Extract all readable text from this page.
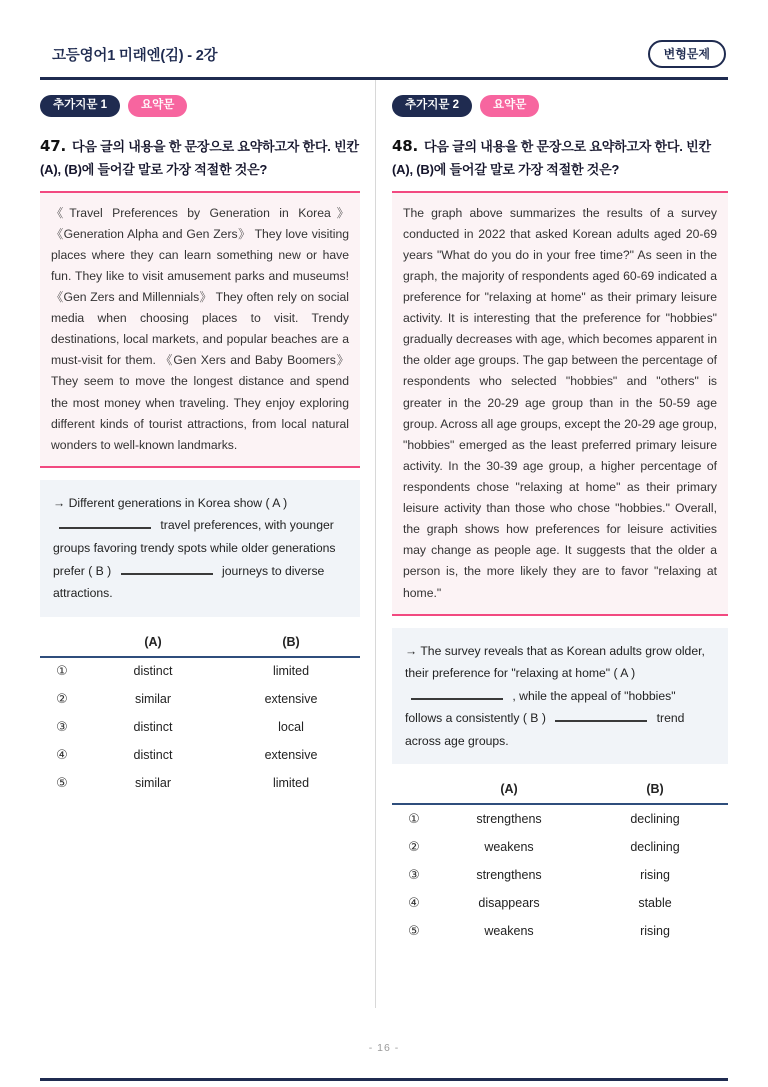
고등영어1 미래엔(김) - 2강	변형문제
추가지문 1	요약문
47. 다음 글의 내용을 한 문장으로 요약하고자 한다. 빈칸 (A), (B)에 들어갈 말로 가장 적절한 것은?
《Travel Preferences by Generation in Korea》 《Generation Alpha and Gen Zers》 They love visiting places where they can learn something new or have fun. They like to visit amusement parks and museums! 《Gen Zers and Millennials》 They often rely on social media when choosing places to visit. Trendy destinations, local markets, and popular beaches are a must-visit for them. 《Gen Xers and Baby Boomers》 They seem to move the longest distance and spend the most money when traveling. They enjoy exploring different kinds of tourist attractions, from local natural wonders to well-known landmarks.
→ Different generations in Korea show ( A )  travel preferences, with younger groups favoring trendy spots while older generations prefer ( B )	journeys to diverse attractions.
(A)	(B)
①	distinct	limited
②	similar	extensive
③	distinct	local
④	distinct	extensive
⑤	similar	limited
추가지문 2	요약문
48. 다음 글의 내용을 한 문장으로 요약하고자 한다. 빈칸 (A), (B)에 들어갈 말로 가장 적절한 것은?
The graph above summarizes the results of a survey conducted in 2022 that asked Korean adults aged 20-69 years "What do you do in your free time?" As seen in the graph, the majority of respondents aged 60-69 indicated a preference for "relaxing at home" as their primary leisure activity. It is interesting that the preference for "hobbies" gradually decreases with age, which becomes apparent in the older age groups. The gap between the percentage of respondents who selected "hobbies" and "others" is greater in the 20-29 age group than in the 50-59 age group. Across all age groups, except the 20-29 age group, "hobbies" emerged as the least preferred primary leisure activity. In the 30-39 age group, a higher percentage of respondents chose "relaxing at home" as their primary leisure activity than those who chose "hobbies." Overall, the graph shows how preferences for leisure activities may change as people age. It suggests that the older a person is, the more likely they are to favor "relaxing at home."
→ The survey reveals that as Korean adults grow older, their preference for "relaxing at home" ( A )  , while the appeal of "hobbies" follows a consistently ( B )	trend across age groups.
(A)	(B)
①	strengthens	declining
②	weakens	declining
③	strengthens	rising
④	disappears	stable
⑤	weakens	rising
- 16 -
